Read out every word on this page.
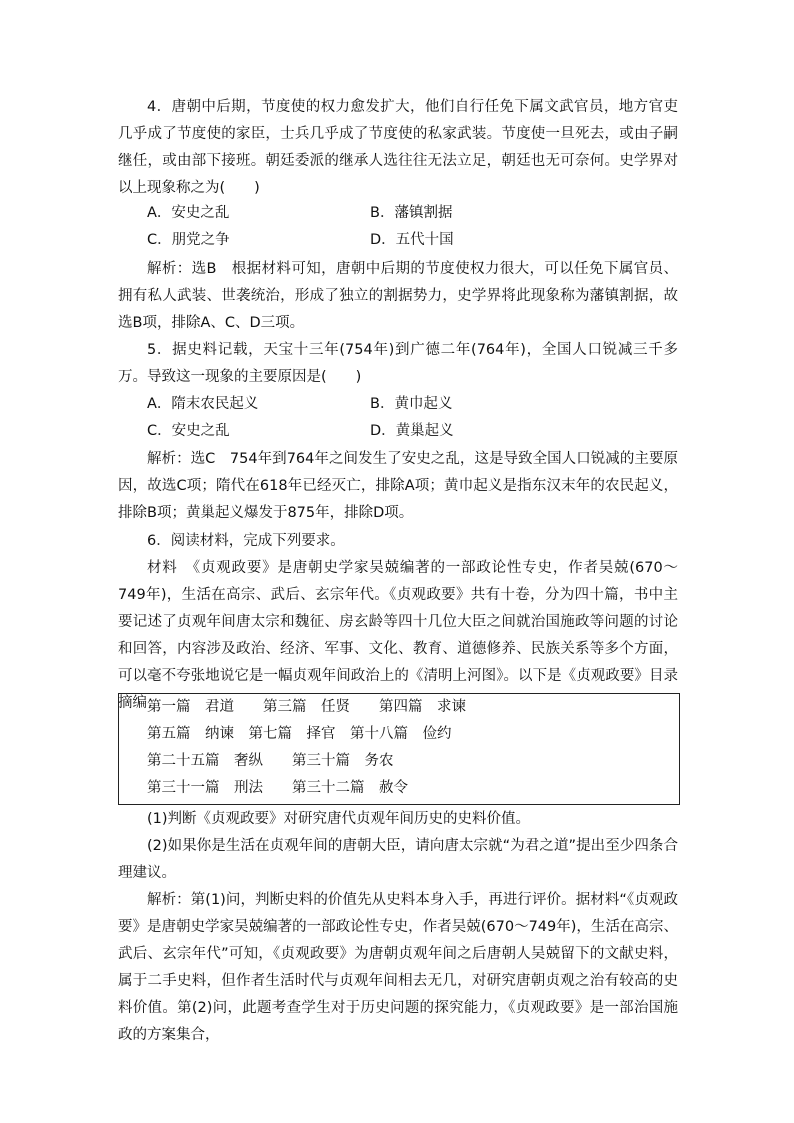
4．唐朝中后期，节度使的权力愈发扩大，他们自行任免下属文武官员，地方官吏几乎成了节度使的家臣，士兵几乎成了节度使的私家武装。节度使一旦死去，或由子嗣继任，或由部下接班。朝廷委派的继承人选往往无法立足，朝廷也无可奈何。史学界对以上现象称之为(　　)

A．安史之乱	B．藩镇割据

C．朋党之争	D．五代十国

解析：选B　根据材料可知，唐朝中后期的节度使权力很大，可以任免下属官员、拥有私人武装、世袭统治，形成了独立的割据势力，史学界将此现象称为藩镇割据，故选B项，排除A、C、D三项。

5．据史料记载，天宝十三年(754年)到广德二年(764年)，全国人口锐减三千多万。导致这一现象的主要原因是(　　)

A．隋末农民起义	B．黄巾起义

C．安史之乱	D．黄巢起义

解析：选C　754年到764年之间发生了安史之乱，这是导致全国人口锐减的主要原因，故选C项；隋代在618年已经灭亡，排除A项；黄巾起义是指东汉末年的农民起义，排除B项；黄巢起义爆发于875年，排除D项。

6．阅读材料，完成下列要求。

材料　《贞观政要》是唐朝史学家吴兢编著的一部政论性专史，作者吴兢(670～749年)，生活在高宗、武后、玄宗年代。《贞观政要》共有十卷，分为四十篇，书中主要记述了贞观年间唐太宗和魏征、房玄龄等四十几位大臣之间就治国施政等问题的讨论和回答，内容涉及政治、经济、军事、文化、教育、道德修养、民族关系等多个方面，可以毫不夸张地说它是一幅贞观年间政治上的《清明上河图》。以下是《贞观政要》目录摘编：

第一篇　君道　　第三篇　任贤　　第四篇　求谏
第五篇　纳谏　第七篇　择官　第十八篇　俭约
第二十五篇　奢纵　　第三十篇　务农
第三十一篇　刑法　　第三十二篇　赦令

(1)判断《贞观政要》对研究唐代贞观年间历史的史料价值。

(2)如果你是生活在贞观年间的唐朝大臣，请向唐太宗就“为君之道”提出至少四条合理建议。

解析：第(1)问，判断史料的价值先从史料本身入手，再进行评价。据材料“《贞观政要》是唐朝史学家吴兢编著的一部政论性专史，作者吴兢(670～749年)，生活在高宗、武后、玄宗年代”可知，《贞观政要》为唐朝贞观年间之后唐朝人吴兢留下的文献史料，属于二手史料，但作者生活时代与贞观年间相去无几，对研究唐朝贞观之治有较高的史料价值。第(2)问，此题考查学生对于历史问题的探究能力，《贞观政要》是一部治国施政的方案集合，
